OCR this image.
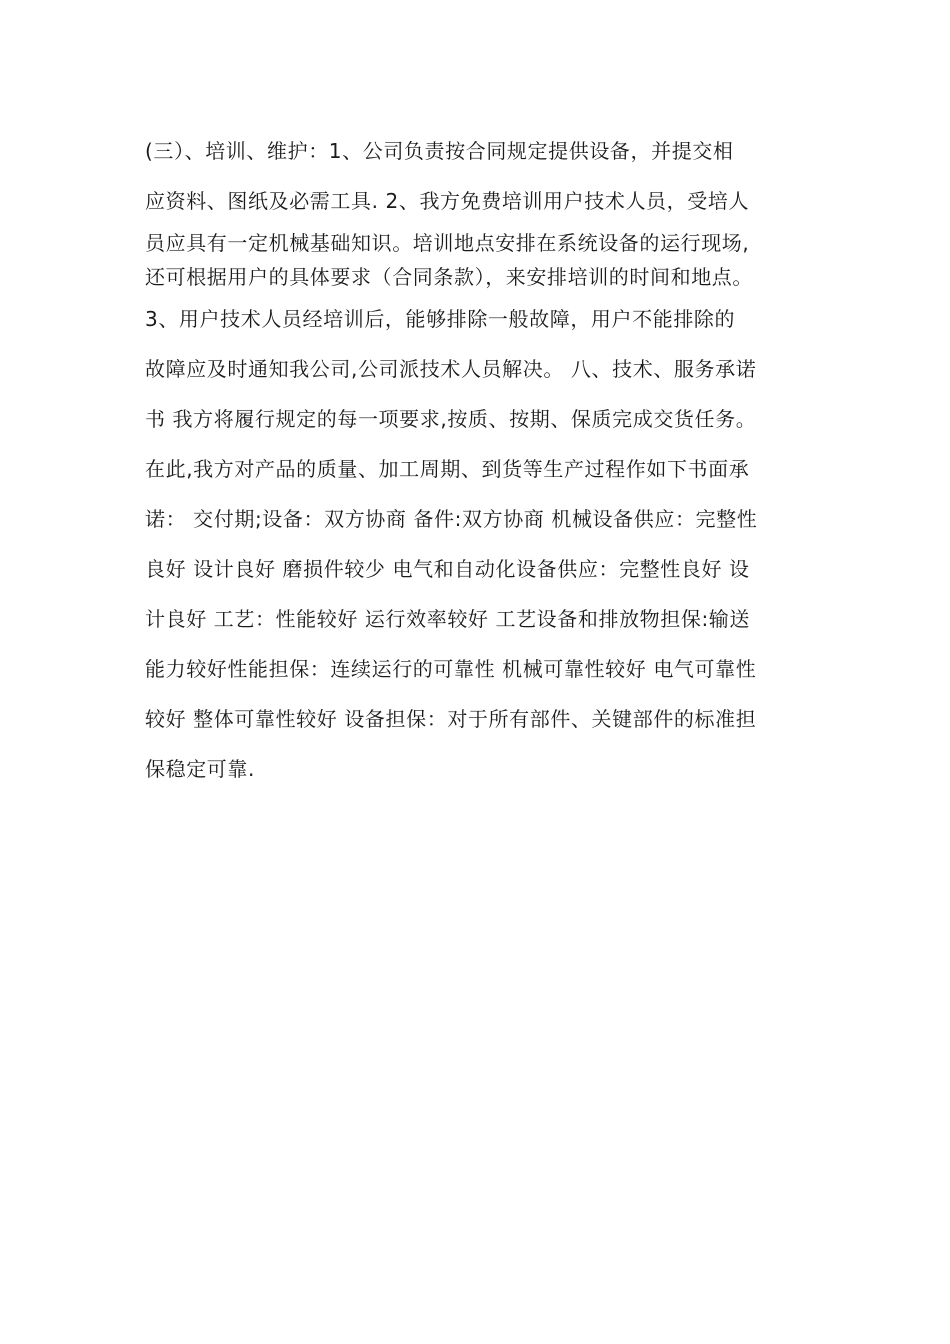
(三）、培训、维护：1、公司负责按合同规定提供设备，并提交相
应资料、图纸及必需工具. 2、我方免费培训用户技术人员，受培人
员应具有一定机械基础知识。培训地点安排在系统设备的运行现场,
还可根据用户的具体要求（合同条款），来安排培训的时间和地点。
3、用户技术人员经培训后，能够排除一般故障，用户不能排除的
故障应及时通知我公司,公司派技术人员解决。 八、技术、服务承诺
书 我方将履行规定的每一项要求,按质、按期、保质完成交货任务。
在此,我方对产品的质量、加工周期、到货等生产过程作如下书面承
诺： 交付期;设备：双方协商 备件:双方协商 机械设备供应：完整性
良好 设计良好 磨损件较少 电气和自动化设备供应：完整性良好 设
计良好 工艺：性能较好 运行效率较好 工艺设备和排放物担保:输送
能力较好性能担保：连续运行的可靠性 机械可靠性较好 电气可靠性
较好 整体可靠性较好 设备担保：对于所有部件、关键部件的标准担
保稳定可靠.
